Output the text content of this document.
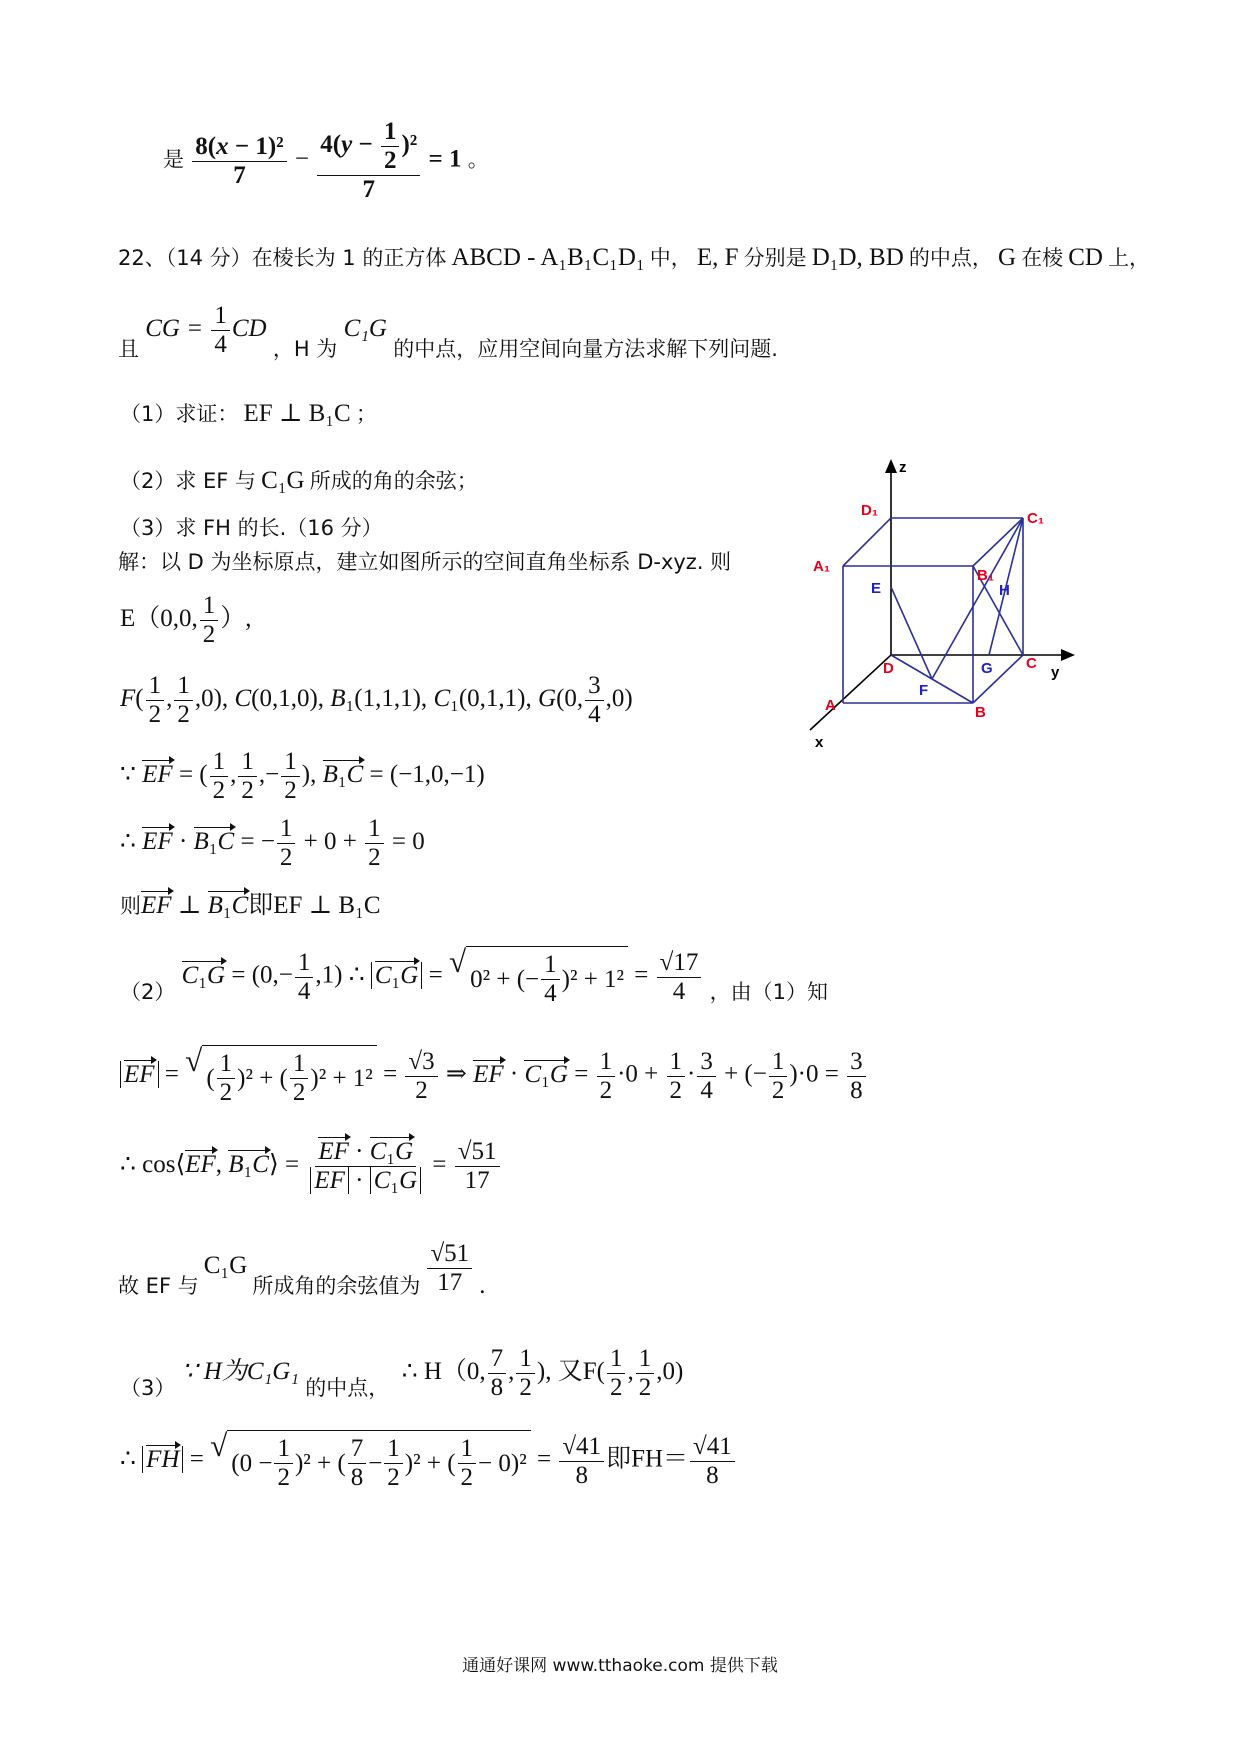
是 $\frac{\text{8(x − 1)²}}{7} - \frac{4(y - \frac{1}{2} )^2}{7} = 1$ 。
22、（14 分）在棱长为 1 的正方体 ABCD - A₁B₁C₁D₁ 中， E, F 分别是 D₁D, BD 的中点， G 在棱 CD 上，
$_且$ CG = $\frac{1}{4}$ CD $_{,H 为}$ C₁G $_{的中点,应用空间向量方法求解下列问题.}$
（1）求证： EF ⊥ B₁C ；
（2）求 EF 与 C₁G 所成的角的余弦；
（3）求 FH 的长.（16 分）
解：以 D 为坐标原点，建立如图所示的空间直角坐标系 D-xyz. 则
E（0,0, $\frac{1}{2}$ ）,
$F( \frac{1}{2}$ , $\frac{1}{2} ,0$), C(0,1,0), B₁(1,1,1), C₁(0,1,1), G(0, $\frac{3}{4} ,0$)
∵ EF = ( $\frac{1}{2}$ , $\frac{1}{2}$ ,− $\frac{1}{2}$ ), B₁C = (−1,0,−1)
∴ EF · B₁C = − $\frac{1}{2} + 0 + \frac{1}{2} = 0$
则EF ⊥ B₁C即EF ⊥ B₁C
$_{(2)}$ $C_1G = (0,- \frac{1}{4} ,1)$ ∴ C₁G = √ 0² + (− $\frac{1}{4} )^2 + 1^2 = \frac{√17}{4} _{,由(1)知}$
EF = √ ( $\frac{1}{2} )^2$ + ( $\frac{1}{2} )^2 + 1^2 = \frac{√3}{2}$ ⇒ EF · $C_1G = \frac{1}{2} \cdot 0 + \frac{1}{2} \cdot \frac{3}{4}$ + (− $\frac{1}{2} )\cdot 0 = \frac{3}{8}$
∴ cos⟨EF, B₁C⟩ = $\frac{\text{EF · C₁G}}{\text{EF · C₁G}} = \frac{√51}{17}$
故 EF 与 C₁G 所成角的余弦值为 $\frac{√51}{17}$ .
$_{(3)}$ ∵ H为C₁G₁ $_{的中点,}$  ∴ H（0, $\frac{7}{8}$ , $\frac{1}{2}$ ), 又$F( \frac{1}{2}$ , $\frac{1}{2} ,0$)
∴ FH = √ $(0 - \frac{1}{2} )^2$ + ( $\frac{7}{8} - \frac{1}{2} )^2$ + ( $\frac{1}{2} - 0)^2 = \frac{√41}{8}$ 即$FH= \frac{√41}{8}$
z
y
x
D₁	C₁
A₁
B₁
E	H
D	G C
F
A	B
通通好课网 www.tthaoke.com 提供下载
